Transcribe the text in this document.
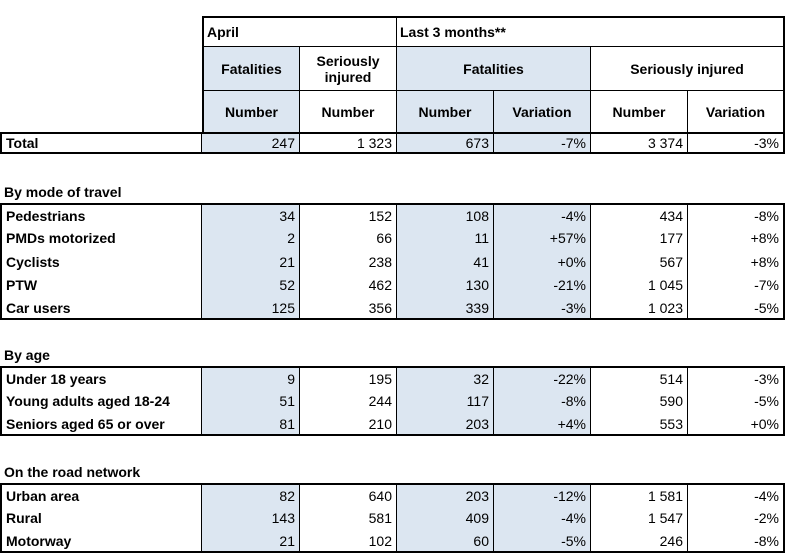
April	Last 3 months**
Fatalities	Seriously injured	Fatalities	Seriously injured
Number	Number	Number	Variation	Number	Variation
Total	247	1 323	673	-7%	3 374	-3%
By mode of travel
Pedestrians	34	152	108	-4%	434	-8%
PMDs motorized	2	66	11	+57%	177	+8%
Cyclists	21	238	41	+0%	567	+8%
PTW	52	462	130	-21%	1 045	-7%
Car users	125	356	339	-3%	1 023	-5%
By age
Under 18 years	9	195	32	-22%	514	-3%
Young adults aged 18-24	51	244	117	-8%	590	-5%
Seniors aged 65 or over	81	210	203	+4%	553	+0%
On the road network
Urban area	82	640	203	-12%	1 581	-4%
Rural	143	581	409	-4%	1 547	-2%
Motorway	21	102	60	-5%	246	-8%
